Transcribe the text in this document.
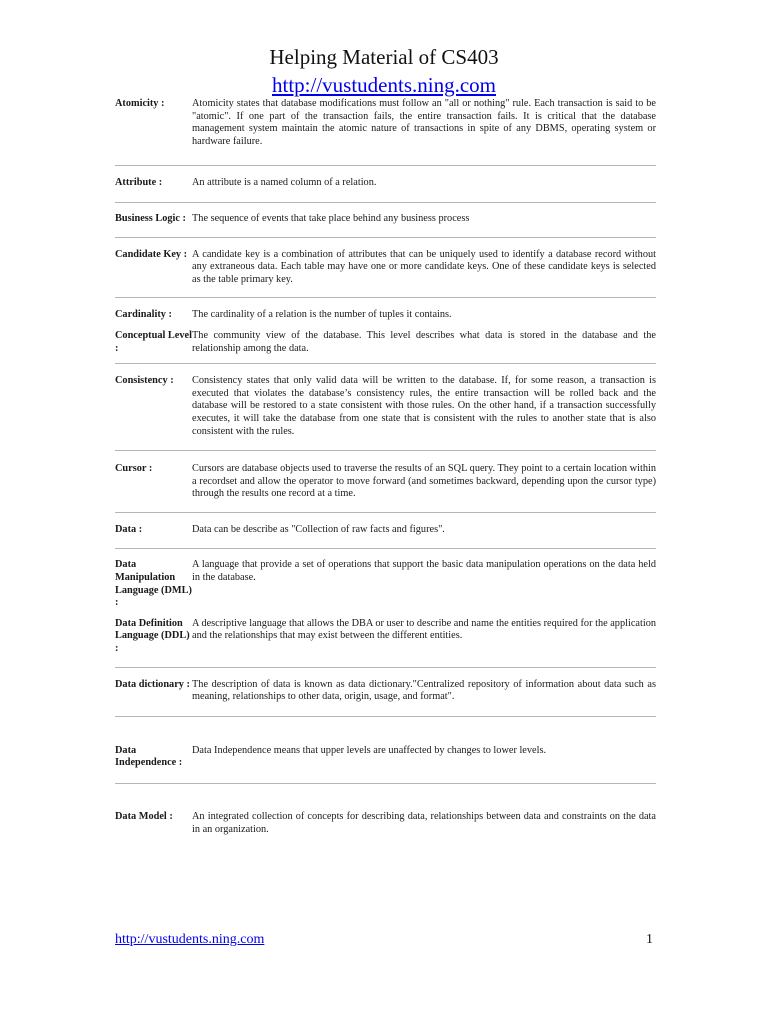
Helping Material of CS403
http://vustudents.ning.com
Atomicity :	Atomicity states that database modifications must follow an "all or nothing" rule. Each transaction is said to be "atomic". If one part of the transaction fails, the entire transaction fails. It is critical that the database management system maintain the atomic nature of transactions in spite of any DBMS, operating system or hardware failure.
Attribute :	An attribute is a named column of a relation.
Business Logic : The sequence of events that take place behind any business process
Candidate Key : A candidate key is a combination of attributes that can be uniquely used to identify a database record without any extraneous data. Each table may have one or more candidate keys. One of these candidate keys is selected as the table primary key.
Cardinality :	The cardinality of a relation is the number of tuples it contains.
Conceptual Level :
The community view of the database. This level describes what data is stored in the database and the relationship among the data.
Consistency :	Consistency states that only valid data will be written to the database. If, for some reason, a transaction is executed that violates the database’s consistency rules, the entire transaction will be rolled back and the database will be restored to a state consistent with those rules. On the other hand, if a transaction successfully executes, it will take the database from one state that is consistent with the rules to another state that is also consistent with the rules.
Cursor :	Cursors are database objects used to traverse the results of an SQL query. They point to a certain location within a recordset and allow the operator to move forward (and sometimes backward, depending upon the cursor type) through the results one record at a time.
Data :	Data can be describe as "Collection of raw facts and figures".
Data Manipulation Language (DML) :
A language that provide a set of operations that support the basic data manipulation operations on the data held in the database.
Data Definition Language (DDL) :
A descriptive language that allows the DBA or user to describe and name the entities required for the application and the relationships that may exist between the different entities.
Data dictionary : The description of data is known as data dictionary."Centralized repository of information about data such as meaning, relationships to other data, origin, usage, and format".
Data Independence :
Data Independence means that upper levels are unaffected by changes to lower levels.
Data Model :	An integrated collection of concepts for describing data, relationships between data and constraints on the data in an organization.
http://vustudents.ning.com	1
